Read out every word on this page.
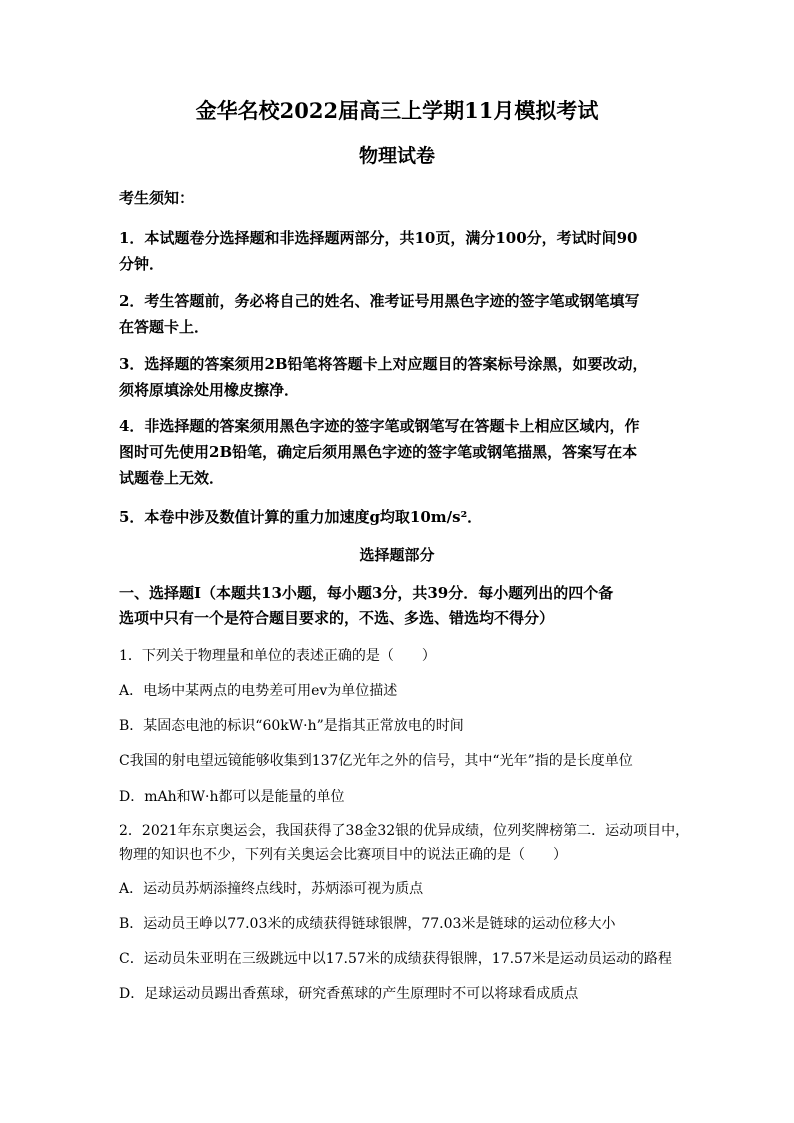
金华名校2022届高三上学期11月模拟考试
物理试卷
考生须知：
1．本试题卷分选择题和非选择题两部分，共10页，满分100分，考试时间90
分钟．
2．考生答题前，务必将自己的姓名、准考证号用黑色字迹的签字笔或钢笔填写
在答题卡上．
3．选择题的答案须用2B铅笔将答题卡上对应题目的答案标号涂黑，如要改动，
须将原填涂处用橡皮擦净．
4．非选择题的答案须用黑色字迹的签字笔或钢笔写在答题卡上相应区域内，作
图时可先使用2B铅笔，确定后须用黑色字迹的签字笔或钢笔描黑，答案写在本
试题卷上无效．
5．本卷中涉及数值计算的重力加速度g均取10m/s²．
选择题部分
一、选择题Ⅰ（本题共13小题，每小题3分，共39分．每小题列出的四个备
选项中只有一个是符合题目要求的，不选、多选、错选均不得分）
1．下列关于物理量和单位的表述正确的是（　　）
A．电场中某两点的电势差可用ev为单位描述
B．某固态电池的标识“60kW·h”是指其正常放电的时间
C我国的射电望远镜能够收集到137亿光年之外的信号，其中“光年”指的是长度单位
D．mAh和W·h都可以是能量的单位
2．2021年东京奥运会，我国获得了38金32银的优异成绩，位列奖牌榜第二．运动项目中，
物理的知识也不少，下列有关奥运会比赛项目中的说法正确的是（　　）
A．运动员苏炳添撞终点线时，苏炳添可视为质点
B．运动员王峥以77.03米的成绩获得链球银牌，77.03米是链球的运动位移大小
C．运动员朱亚明在三级跳远中以17.57米的成绩获得银牌，17.57米是运动员运动的路程
D．足球运动员踢出香蕉球，研究香蕉球的产生原理时不可以将球看成质点
